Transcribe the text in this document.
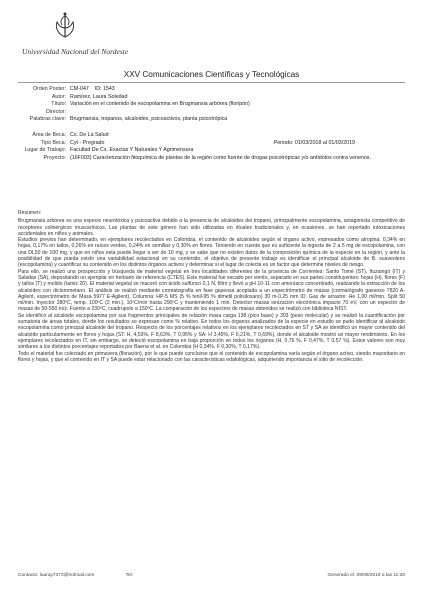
Universidad Nacional del Nordeste
XXV Comunicaciones Científicas y Tecnológicas
Orden Poster: CM-047 ID: 1543
Autor: Ramírez, Laura Soledad
Título: Variación en el contenido de escopolamina en Brugmansia arbórea (floripón)
Director:
Palabras clave: Brugmansia, tropanos, alcaloides, psicoactivos, planta psicotrópica
Área de Beca: Cs. De La Salud
Tipo Beca: Cyt - Pregrado	Periodo: 01/03/2018 al 01/03/2019
Lugar de Trabajo: Facultad De Cs. Exactas Y Naturales Y Agrimensura
Proyecto: (16F003) Caracterización fitoquímica de plantas de la región como fuente de drogas psicotrópicas y/o antídotos contra venenos.
Resumen:

Brugmansia arbórea es una especie neurotóxica y psicoactiva debido a la presencia de alcaloides del tropano, principalmente escopolamina, antagonista competitivo de receptores colinérgicos muscarínicos. Las plantas de este género han sido utilizadas en rituales tradicionales y, en ocasiones, se han reportado intoxicaciones accidentales en niños y animales.

Estudios previos han determinado, en ejemplares recolectados en Colombia, el contenido de alcaloides según el órgano activo, expresados como atropina: 0,34% en hojas, 0,17% en tallos, 0,26% en raíces verdes, 0,24% en semillas y 0,30% en flores. Teniendo en cuenta que es suficiente la ingesta de 2 a 5 mg de escopolamina, con una DL50 de 100 mg, y que en niños esta puede llegar a ser de 10 mg, y se sabe que no existen datos de la composición química de la especie en la región, y ante la posibilidad de que pueda existir una variabilidad estacional en su contenido, el objetivo de presente trabajo es identificar el principal alcaloide de B. suaveolens (escopolamina) y cuantificar su contenido en los distintos órganos activos y determinar si el lugar de colecta es un factor que determine niveles de riesgo.

Para ello, se realizó una prospección y búsqueda de material vegetal en tres localidades diferentes de la provincia de Corrientes: Santo Tomé (ST), Ituzaingó (IT) y Saladas (SA), depositando un ejemplar en herbario de referencia (CTES). Este material fue secado por viento, separado en sus partes constituyentes: hojas (H), flores (F) y tallos (T) y molido (tamiz 20). El material vegetal se maceró con ácido sulfúrico 0,1 N, filtró y llevó a pH 10-11 con amoníaco concentrado, realizando la extracción de los alcaloides con diclorometano. El análisis se realizó mediante cromatografía en fase gaseosa acoplada a un espectrómetro de masas (cromatógrafo gaseoso 7820 A-Agilent, espectrómetro de Masa 5977 E-Agilent). Columna: HP-5 MS (5 % fenil-95 % dimetil polisiloxano) 30 m-0,25 mm ID. Gas de arrastre: He 1,00 ml/min. Split 50 ml/min. Inyector 280ºC, temp. 100ºC (2 min.), 10ºC/min hasta 290ºC y manteniendo 1 min. Detector masas ionización electrónica impacto 70 eV, con un espectro de masas de 50-550 m/z. Fuente a 230ºC, cuadrupolo a 150ºC. La comparación de los espectros de masas obtenidos se realizó con biblioteca NIST.

Se identificó al alcaloide escopolamina por sus fragmentos principales de relación masa carga 138 (pico base) y 303 (peso molecular) y se realizó la cuantificación por sumatoria de áreas totales, donde los resultados se expresan como % relativo. En todos los órganos analizados de la especie en estudio se pudo identificar al alcaloide escopolamina como principal alcaloide del tropano. Respecto de los porcentajes relativos en los ejemplares recolectados en ST y SA se identificó un mayor contenido del alcaloide particularmente en flores y hojas (ST: H, 4,53%, F 8,63%, T 0,95% y SA: H 3,45%, F 6,21%, T 0,69%), donde el alcaloide mostró un mayor rendimiento. En los ejemplares recolectados en IT, sin embargo, se detectó escopolamina en baja proporción en todos los órganos (H, 0,76 %, F 0,47%, T 0,57 %). Estos valores son muy similares a los distintos porcentajes reportados por Baena et al. en Colombia (H 0,34%, F 0,30%, T 0,17%).

Todo el material fue colectado en primavera (floración), por lo que puede concluirse que el contenido de escopolamina varía según el órgano activo, siendo mayoritario en flores y hojas, y que el contenido en IT y SA puede estar relacionado con las características edafológicas, adquiriendo importancia el sitio de recolección.

Contacto: lauray7373@hotmail.com	Tel:	Generado el: 09/08/2019 a las 11:20
